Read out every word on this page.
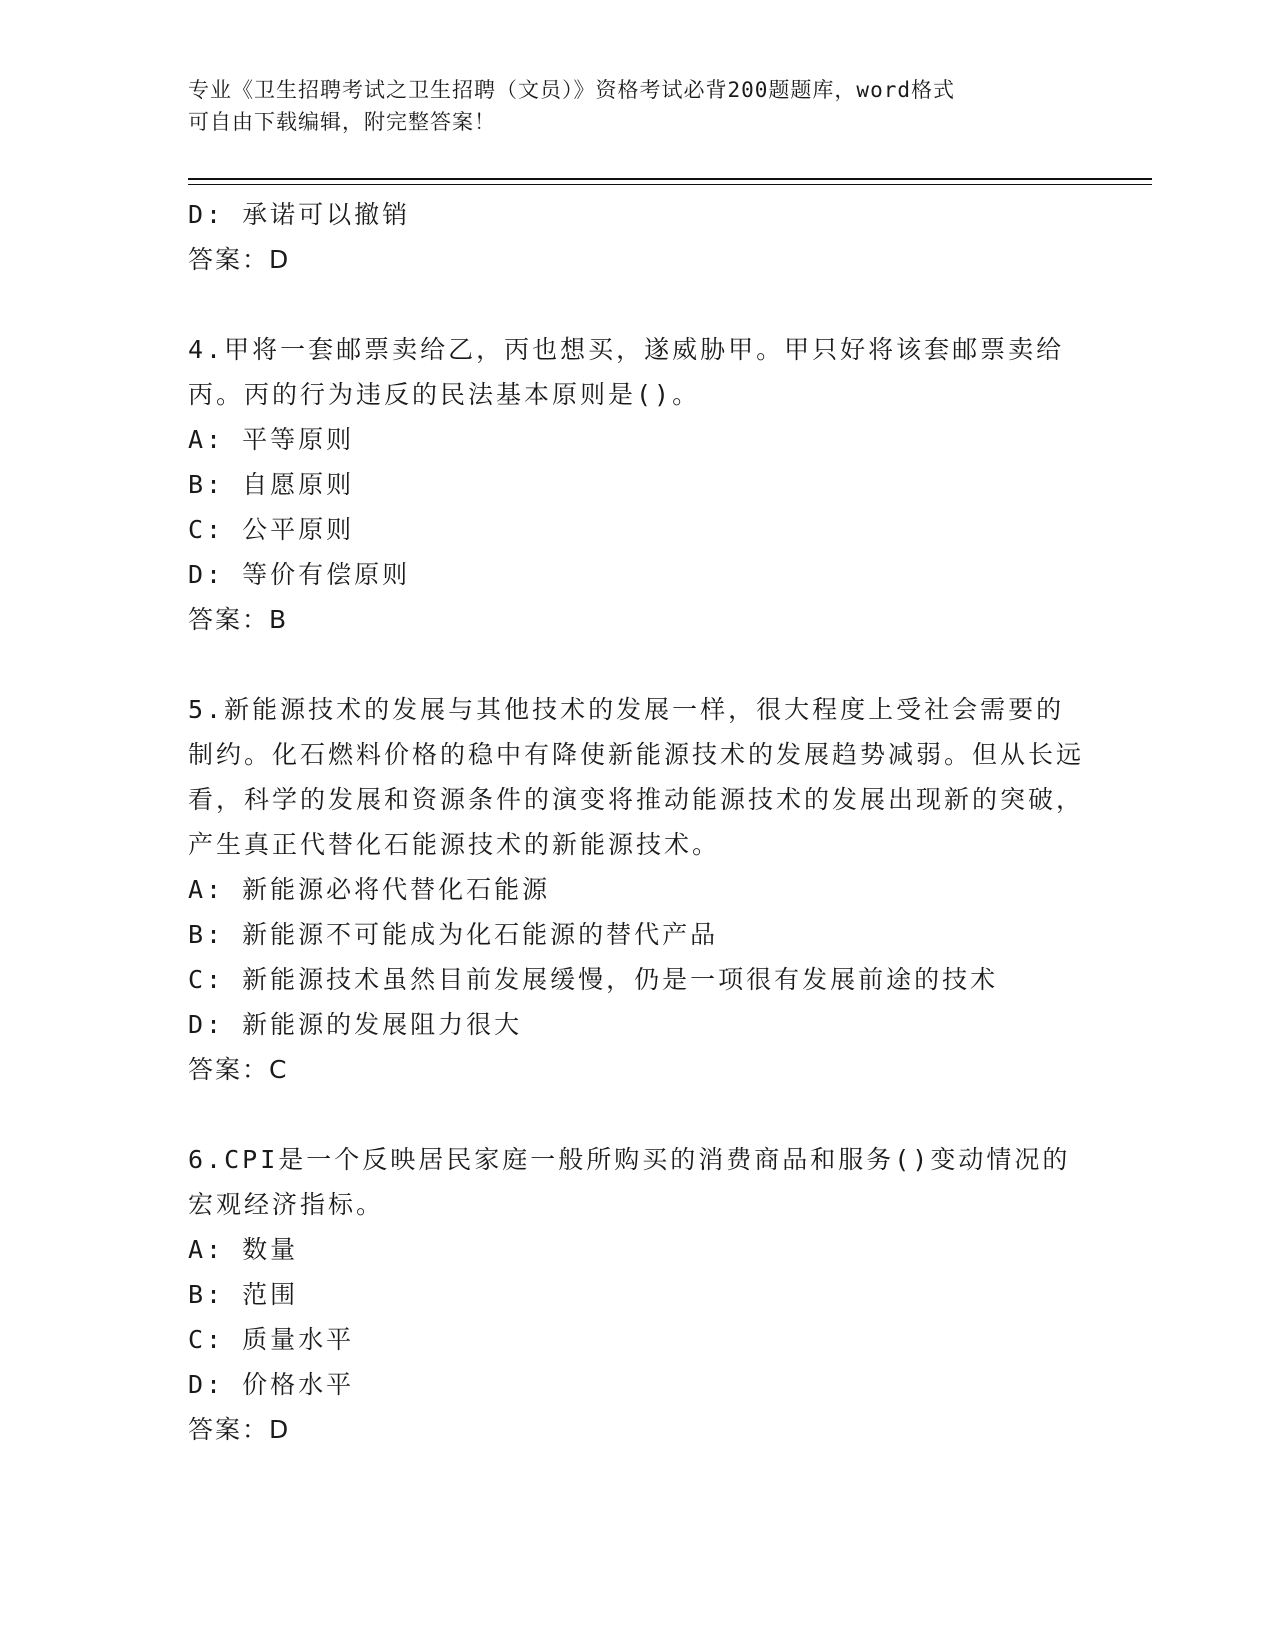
专业《卫生招聘考试之卫生招聘（文员）》资格考试必背200题题库，word格式
可自由下载编辑，附完整答案！
D: 承诺可以撤销
答案：D
4.甲将一套邮票卖给乙，丙也想买，遂威胁甲。甲只好将该套邮票卖给丙。丙的行为违反的民法基本原则是()。
A: 平等原则
B: 自愿原则
C: 公平原则
D: 等价有偿原则
答案：B
5.新能源技术的发展与其他技术的发展一样，很大程度上受社会需要的制约。化石燃料价格的稳中有降使新能源技术的发展趋势减弱。但从长远看，科学的发展和资源条件的演变将推动能源技术的发展出现新的突破，产生真正代替化石能源技术的新能源技术。
A: 新能源必将代替化石能源
B: 新能源不可能成为化石能源的替代产品
C: 新能源技术虽然目前发展缓慢，仍是一项很有发展前途的技术
D: 新能源的发展阻力很大
答案：C
6.CPI是一个反映居民家庭一般所购买的消费商品和服务()变动情况的宏观经济指标。
A: 数量
B: 范围
C: 质量水平
D: 价格水平
答案：D
